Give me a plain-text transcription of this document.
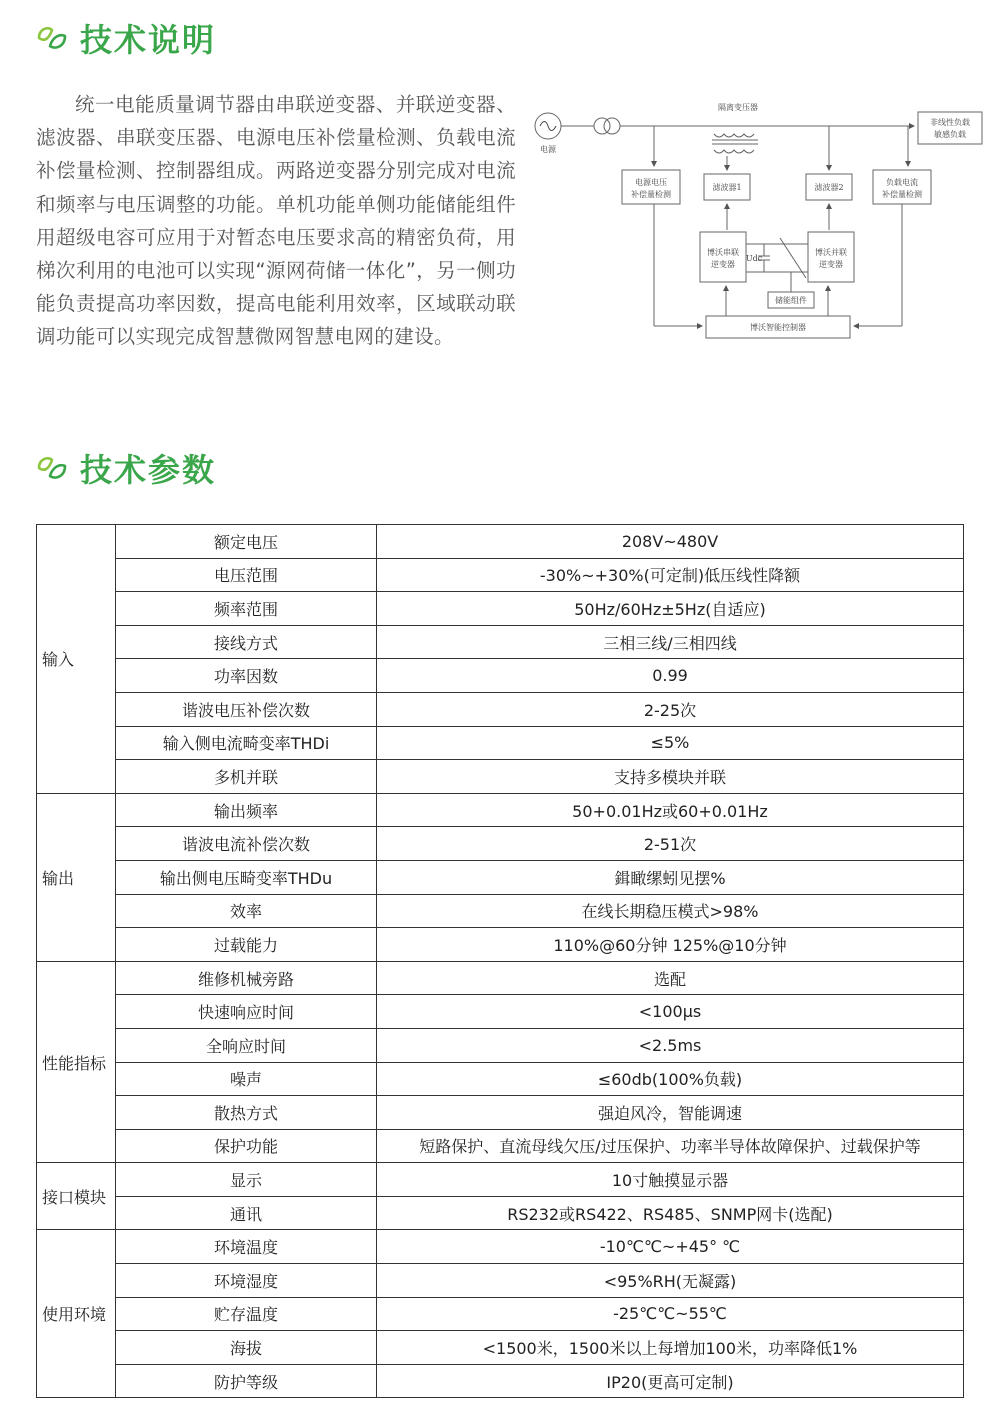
技术说明
统一电能质量调节器由串联逆变器、并联逆变器、滤波器、串联变压器、电源电压补偿量检测、负载电流补偿量检测、控制器组成。两路逆变器分别完成对电流和频率与电压调整的功能。单机功能单侧功能储能组件用超级电容可应用于对暂态电压要求高的精密负荷，用梯次利用的电池可以实现“源网荷储一体化”，另一侧功能负责提高功率因数，提高电能利用效率，区域联动联调功能可以实现完成智慧微网智慧电网的建设。
电源
隔离变压器
非线性负载
敏感负载
电源电压
补偿量检测
滤波器1	滤波器2
负载电流
补偿量检测
博沃串联
逆变器
博沃并联
逆变器
Udc
储能组件
博沃智能控制器
技术参数
输入	额定电压	208V~480V
	电压范围	-30%~+30%(可定制)低压线性降额
	频率范围	50Hz/60Hz±5Hz(自适应)
	接线方式	三相三线/三相四线
	功率因数	0.99
	谐波电压补偿次数	2-25次
	输入侧电流畸变率THDi	≤5%
	多机并联	支持多模块并联
输出	输出频率	50+0.01Hz或60+0.01Hz
	谐波电流补偿次数	2-51次
	输出侧电压畸变率THDu	鍓瞰缧蚓见摆%
	效率	在线长期稳压模式>98%
	过载能力	110%@60分钟 125%@10分钟
性能指标	维修机械旁路	选配
	快速响应时间	<100μs
	全响应时间	<2.5ms
	噪声	≤60db(100%负载)
	散热方式	强迫风冷，智能调速
	保护功能	短路保护、直流母线欠压/过压保护、功率半导体故障保护、过载保护等
接口模块	显示	10寸触摸显示器
	通讯	RS232或RS422、RS485、SNMP网卡(选配)
使用环境	环境温度	-10℃℃~+45° ℃
	环境湿度	<95%RH(无凝露)
	贮存温度	-25℃℃~55℃
	海拔	<1500米，1500米以上每增加100米，功率降低1%
	防护等级	IP20(更高可定制)
